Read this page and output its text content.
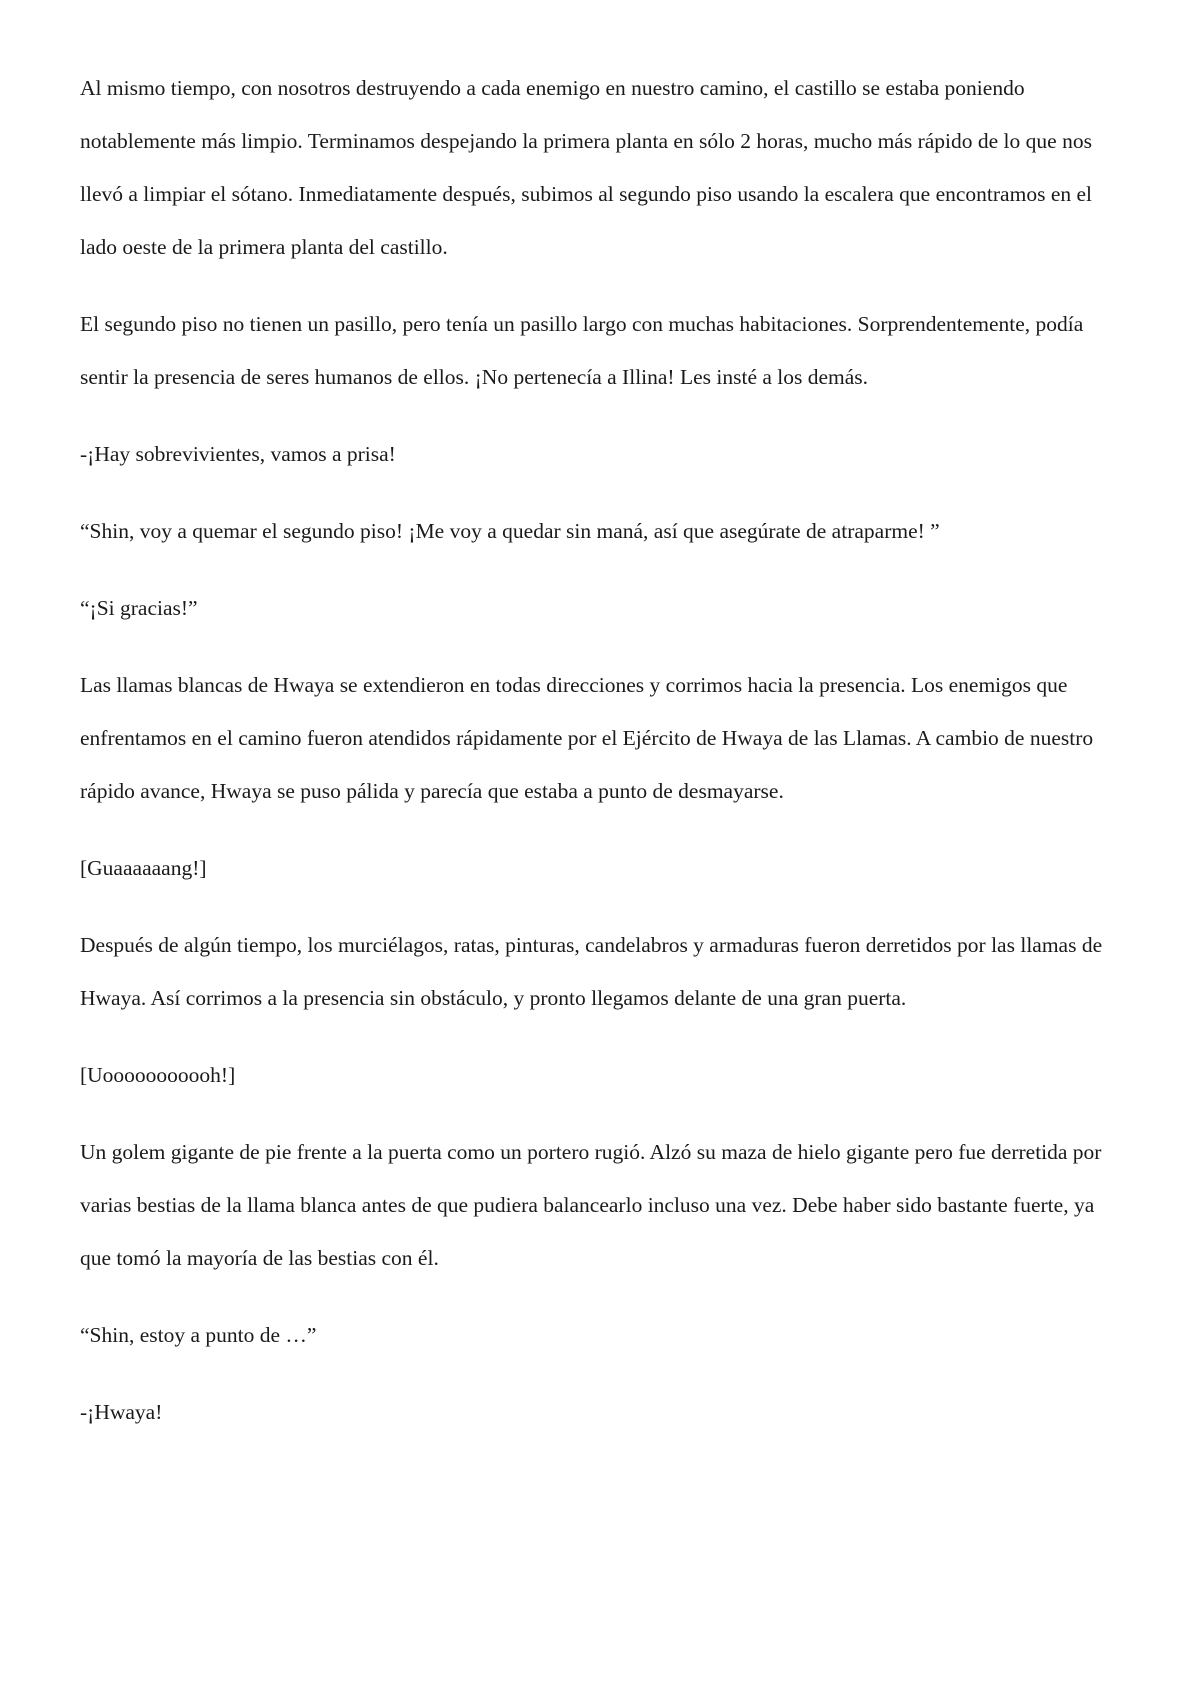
Al mismo tiempo, con nosotros destruyendo a cada enemigo en nuestro camino, el castillo se estaba poniendo notablemente más limpio. Terminamos despejando la primera planta en sólo 2 horas, mucho más rápido de lo que nos llevó a limpiar el sótano. Inmediatamente después, subimos al segundo piso usando la escalera que encontramos en el lado oeste de la primera planta del castillo.

El segundo piso no tienen un pasillo, pero tenía un pasillo largo con muchas habitaciones. Sorprendentemente, podía sentir la presencia de seres humanos de ellos. ¡No pertenecía a Illina! Les insté a los demás.

-¡Hay sobrevivientes, vamos a prisa!

“Shin, voy a quemar el segundo piso! ¡Me voy a quedar sin maná, así que asegúrate de atraparme! ”

“¡Si gracias!”

Las llamas blancas de Hwaya se extendieron en todas direcciones y corrimos hacia la presencia. Los enemigos que enfrentamos en el camino fueron atendidos rápidamente por el Ejército de Hwaya de las Llamas. A cambio de nuestro rápido avance, Hwaya se puso pálida y parecía que estaba a punto de desmayarse.

[Guaaaaaang!]

Después de algún tiempo, los murciélagos, ratas, pinturas, candelabros y armaduras fueron derretidos por las llamas de Hwaya. Así corrimos a la presencia sin obstáculo, y pronto llegamos delante de una gran puerta.

[Uooooooooooh!]

Un golem gigante de pie frente a la puerta como un portero rugió. Alzó su maza de hielo gigante pero fue derretida por varias bestias de la llama blanca antes de que pudiera balancearlo incluso una vez. Debe haber sido bastante fuerte, ya que tomó la mayoría de las bestias con él.

“Shin, estoy a punto de …”

-¡Hwaya!
